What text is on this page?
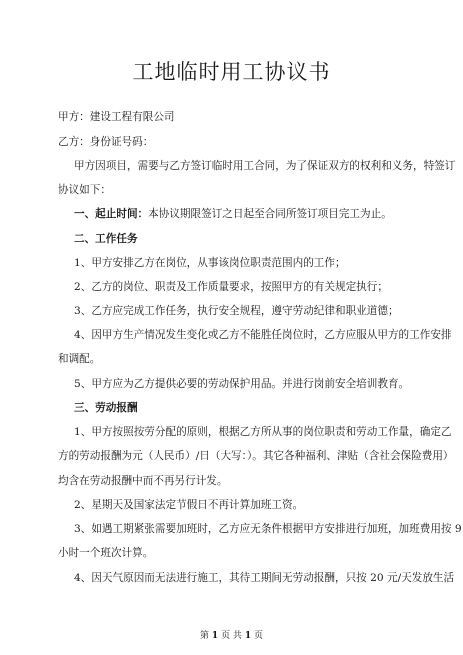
工地临时用工协议书
甲方：建设工程有限公司
乙方：身份证号码：
甲方因项目，需要与乙方签订临时用工合同，为了保证双方的权利和义务，特签订
协议如下：
一、起止时间：本协议期限签订之日起至合同所签订项目完工为止。
二、工作任务
1、甲方安排乙方在岗位，从事该岗位职责范围内的工作；
2、乙方的岗位、职责及工作质量要求，按照甲方的有关规定执行；
3、乙方应完成工作任务，执行安全规程，遵守劳动纪律和职业道德；
4、因甲方生产情况发生变化或乙方不能胜任岗位时，乙方应服从甲方的工作安排
和调配。
5、甲方应为乙方提供必要的劳动保护用品。并进行岗前安全培训教育。
三、劳动报酬
1、甲方按照按劳分配的原则，根据乙方所从事的岗位职责和劳动工作量，确定乙
方的劳动报酬为元（人民币）/日（大写：）。其它各种福利、津贴（含社会保险费用）
均含在劳动报酬中而不再另行计发。
2、星期天及国家法定节假日不再计算加班工资。
3、如遇工期紧张需要加班时，乙方应无条件根据甲方安排进行加班，加班费用按 9
小时一个班次计算。
4、因天气原因而无法进行施工，其待工期间无劳动报酬，只按 20 元/天发放生活
第 1 页 共 1 页
